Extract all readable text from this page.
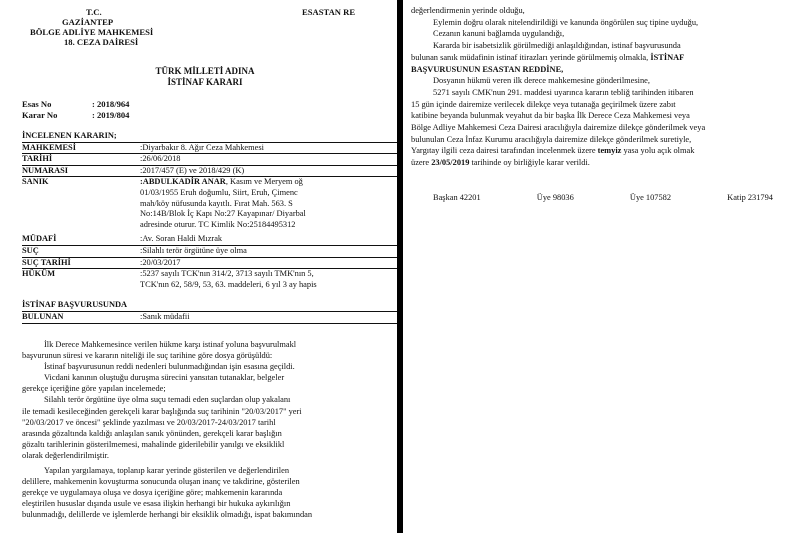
T.C.
GAZİANTEP
BÖLGE ADLİYE MAHKEMESİ
18. CEZA DAİRESİ
ESASTAN RE
TÜRK MİLLETİ ADINA
İSTİNAF KARARI
Esas No	: 2018/964
Karar No	: 2019/804
İNCELENEN KARARIN;
MAHKEMESİ	:Diyarbakır 8. Ağır Ceza Mahkemesi
TARİHİ	:26/06/2018
NUMARASI	:2017/457 (E) ve 2018/429 (K)
SANIK	:ABDULKADİR ANAR, Kasım ve Meryem oğ
01/03/1955 Eruh doğumlu, Siirt, Eruh, Çimenc
mah/köy nüfusunda kayıtlı. Fırat Mah. 563. S
No:14B/Blok İç Kapı No:27 Kayapınar/ Diyarbal
adresinde oturur. TC Kimlik No:25184495312
MÜDAFİ	:Av. Soran Haldi Mızrak
SUÇ	:Silahlı terör örgütüne üye olma
SUÇ TARİHİ	:20/03/2017
HÜKÜM	:5237 sayılı TCK'nın 314/2, 3713 sayılı TMK'nın 5,
TCK'nın 62, 58/9, 53, 63. maddeleri, 6 yıl 3 ay hapis
İSTİNAF BAŞVURUSUNDA
BULUNAN	:Sanık müdafii

İlk Derece Mahkemesince verilen hükme karşı istinaf yoluna başvurulmakl

başvurunun süresi ve kararın niteliği ile suç tarihine göre dosya görüşüldü:

İstinaf başvurusunun reddi nedenleri bulunmadığından işin esasına geçildi.

Vicdani kanının oluştuğu duruşma sürecini yansıtan tutanaklar, belgeler

gerekçe içeriğine göre yapılan incelemede;

Silahlı terör örgütüne üye olma suçu temadi eden suçlardan olup yakalanı

ile temadi kesileceğinden gerekçeli karar başlığında suç tarihinin "20/03/2017" yeri

"20/03/2017 ve öncesi" şeklinde yazılması ve 20/03/2017-24/03/2017 tarihl

arasında gözaltında kaldığı anlaşılan sanık yönünden, gerekçeli karar başlığın

gözaltı tarihlerinin gösterilmemesi, mahalinde giderilebilir yanılgı ve eksiklikl

olarak değerlendirilmiştir.

Yapılan yargılamaya, toplanıp karar yerinde gösterilen ve değerlendirilen

delillere, mahkemenin kovuşturma sonucunda oluşan inanç ve takdirine, gösterilen

gerekçe ve uygulamaya oluşa ve dosya içeriğine göre; mahkemenin kararında

eleştirilen hususlar dışında usule ve esasa ilişkin herhangi bir hukuka aykırılığın

bulunmadığı, delillerde ve işlemlerde herhangi bir eksiklik olmadığı, ispat bakımından

değerlendirmenin yerinde olduğu,
Eylemin doğru olarak nitelendirildiği ve kanunda öngörülen suç tipine uyduğu,
Cezanın kanuni bağlamda uygulandığı,
Kararda bir isabetsizlik görülmediği anlaşıldığından, istinaf başvurusunda
bulunan sanık müdafinin istinaf itirazları yerinde görülmemiş olmakla, İSTİNAF
BAŞVURUSUNUN ESASTAN REDDİNE,
Dosyanın hükmü veren ilk derece mahkemesine gönderilmesine,
5271 sayılı CMK'nun 291. maddesi uyarınca kararın tebliğ tarihinden itibaren
15 gün içinde dairemize verilecek dilekçe veya tutanağa geçirilmek üzere zabıt
katibine beyanda bulunmak veyahut da bir başka İlk Derece Ceza Mahkemesi veya
Bölge Adliye Mahkemesi Ceza Dairesi aracılığıyla dairemize dilekçe gönderilmek veya
bulunulan Ceza İnfaz Kurumu aracılığıyla dairemize dilekçe gönderilmek suretiyle,
Yargıtay ilgili ceza dairesi tarafından incelenmek üzere temyiz yasa yolu açık olmak
üzere 23/05/2019 tarihinde oy birliğiyle karar verildi.
Başkan 42201	Üye 98036	Üye 107582	Katip 231794
